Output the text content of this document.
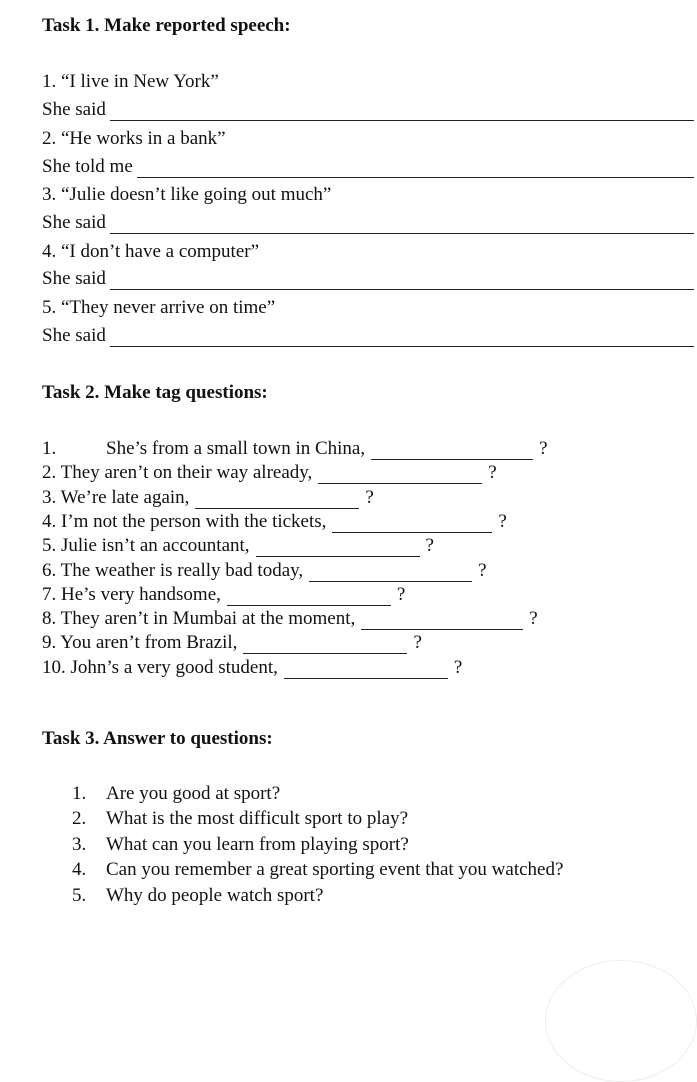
Task 1. Make reported speech:
1. “I live in New York”
She said
2. “He works in a bank”
She told me
3. “Julie doesn’t like going out much”
She said
4. “I don’t have a computer”
She said
5. “They never arrive on time”
She said
Task 2. Make tag questions:
1.	She’s from a small town in China,	?
2. They aren’t on their way already,	?
3. We’re late again,	?
4. I’m not the person with the tickets,	?
5. Julie isn’t an accountant,	?
6. The weather is really bad today,	?
7. He’s very handsome,	?
8. They aren’t in Mumbai at the moment,	?
9. You aren’t from Brazil,	?
10. John’s a very good student,	?
Task 3. Answer to questions:
1. Are you good at sport?
2. What is the most difficult sport to play?
3. What can you learn from playing sport?
4. Can you remember a great sporting event that you watched?
5. Why do people watch sport?
